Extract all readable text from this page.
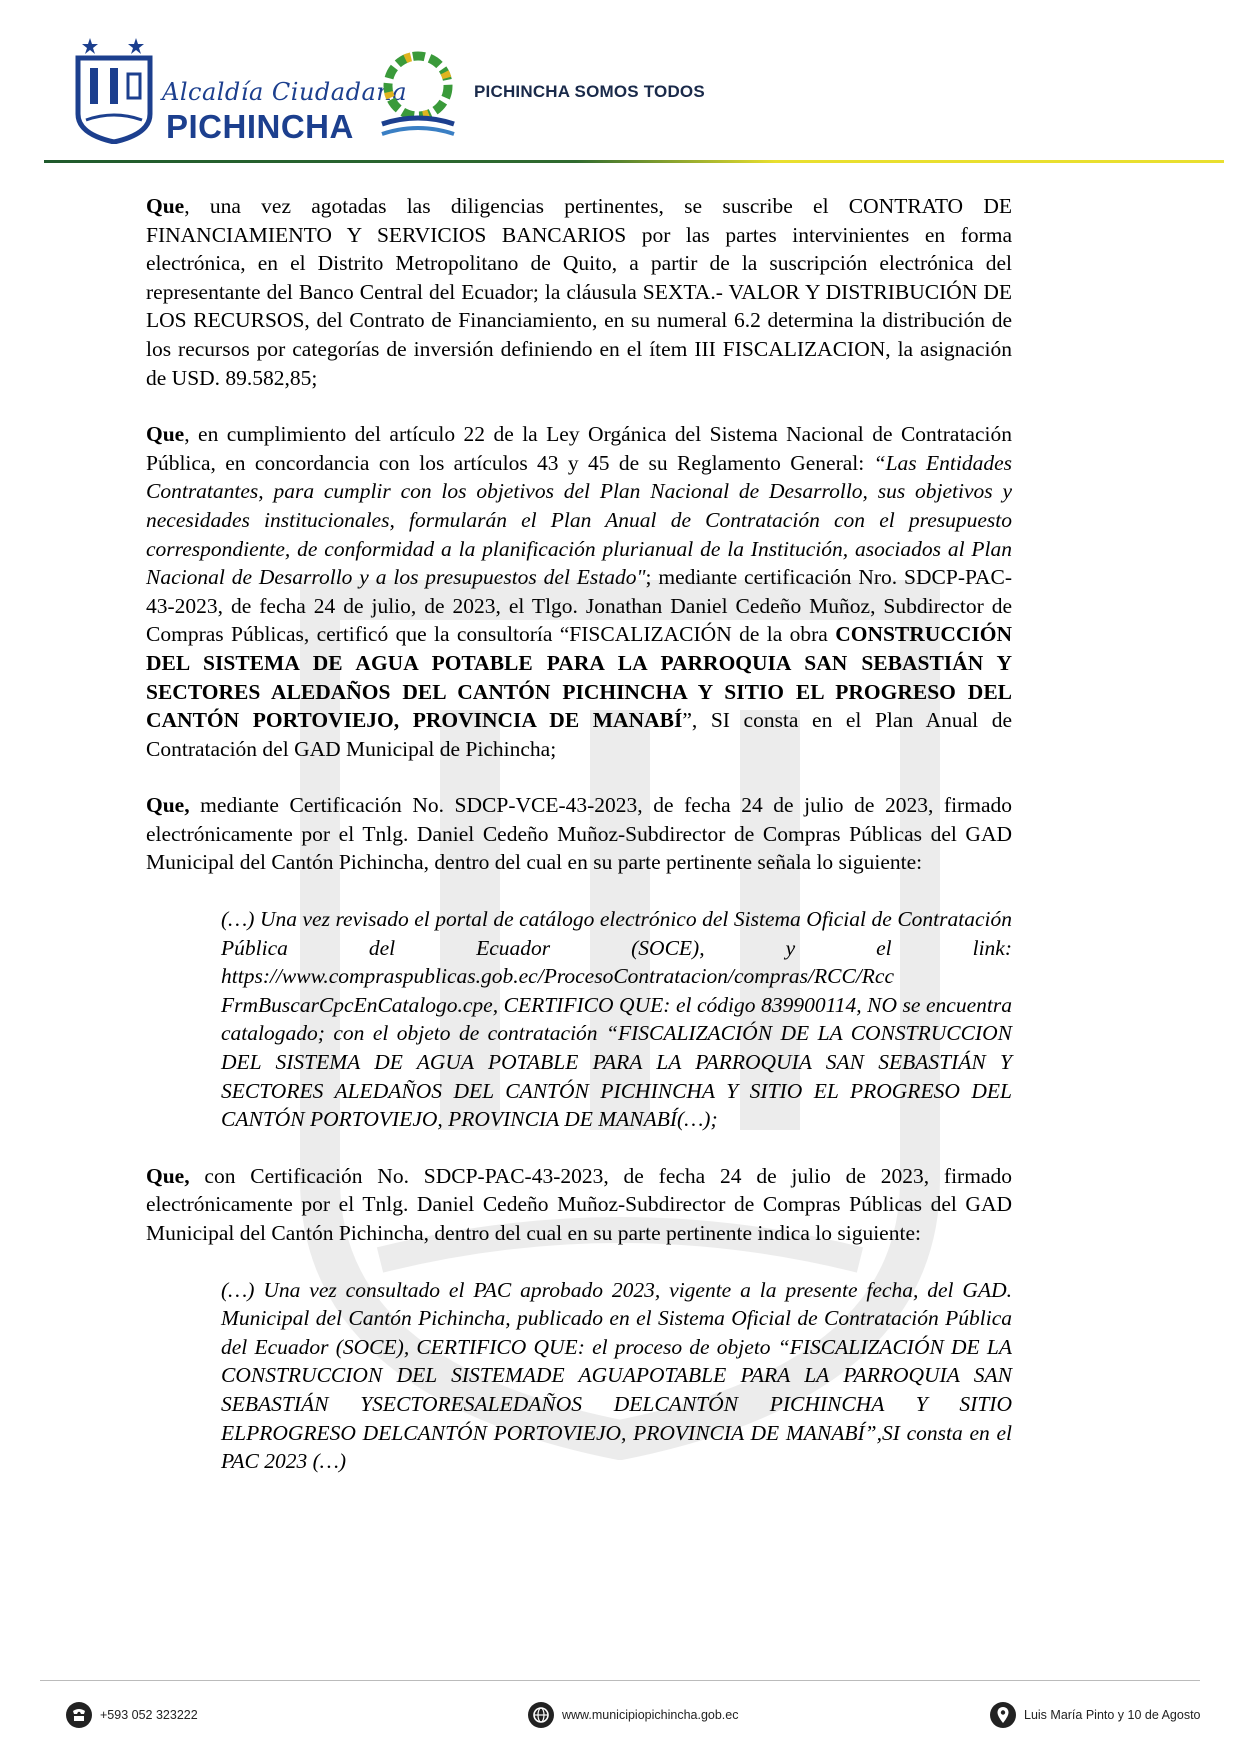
Alcaldía Ciudadana
PICHINCHA
PICHINCHA SOMOS TODOS

Que, una vez agotadas las diligencias pertinentes, se suscribe el CONTRATO DE FINANCIAMIENTO Y SERVICIOS BANCARIOS por las partes intervinientes en forma electrónica, en el Distrito Metropolitano de Quito, a partir de la suscripción electrónica del representante del Banco Central del Ecuador; la cláusula SEXTA.- VALOR Y DISTRIBUCIÓN DE LOS RECURSOS, del Contrato de Financiamiento, en su numeral 6.2 determina la distribución de los recursos por categorías de inversión definiendo en el ítem III FISCALIZACION, la asignación de USD. 89.582,85;

Que, en cumplimiento del artículo 22 de la Ley Orgánica del Sistema Nacional de Contratación Pública, en concordancia con los artículos 43 y 45 de su Reglamento General: “Las Entidades Contratantes, para cumplir con los objetivos del Plan Nacional de Desarrollo, sus objetivos y necesidades institucionales, formularán el Plan Anual de Contratación con el presupuesto correspondiente, de conformidad a la planificación plurianual de la Institución, asociados al Plan Nacional de Desarrollo y a los presupuestos del Estado"; mediante certificación Nro. SDCP-PAC-43-2023, de fecha 24 de julio, de 2023, el Tlgo. Jonathan Daniel Cedeño Muñoz, Subdirector de Compras Públicas, certificó que la consultoría “FISCALIZACIÓN de la obra CONSTRUCCIÓN DEL SISTEMA DE AGUA POTABLE PARA LA PARROQUIA SAN SEBASTIÁN Y SECTORES ALEDAÑOS DEL CANTÓN PICHINCHA Y SITIO EL PROGRESO DEL CANTÓN PORTOVIEJO, PROVINCIA DE MANABÍ”, SI consta en el Plan Anual de Contratación del GAD Municipal de Pichincha;

Que, mediante Certificación No. SDCP-VCE-43-2023, de fecha 24 de julio de 2023, firmado electrónicamente por el Tnlg. Daniel Cedeño Muñoz-Subdirector de Compras Públicas del GAD Municipal del Cantón Pichincha, dentro del cual en su parte pertinente señala lo siguiente:

(…) Una vez revisado el portal de catálogo electrónico del Sistema Oficial de Contratación Pública del Ecuador (SOCE), y el link: https://www.compraspublicas.gob.ec/ProcesoContratacion/compras/RCC/Rcc FrmBuscarCpcEnCatalogo.cpe, CERTIFICO QUE: el código 839900114, NO se encuentra catalogado; con el objeto de contratación “FISCALIZACIÓN DE LA CONSTRUCCION DEL SISTEMA DE AGUA POTABLE PARA LA PARROQUIA SAN SEBASTIÁN Y SECTORES ALEDAÑOS DEL CANTÓN PICHINCHA Y SITIO EL PROGRESO DEL CANTÓN PORTOVIEJO, PROVINCIA DE MANABÍ(…);

Que, con Certificación No. SDCP-PAC-43-2023, de fecha 24 de julio de 2023, firmado electrónicamente por el Tnlg. Daniel Cedeño Muñoz-Subdirector de Compras Públicas del GAD Municipal del Cantón Pichincha, dentro del cual en su parte pertinente indica lo siguiente:

(…) Una vez consultado el PAC aprobado 2023, vigente a la presente fecha, del GAD. Municipal del Cantón Pichincha, publicado en el Sistema Oficial de Contratación Pública del Ecuador (SOCE), CERTIFICO QUE: el proceso de objeto “FISCALIZACIÓN DE LA CONSTRUCCION DEL SISTEMADE AGUAPOTABLE PARA LA PARROQUIA SAN SEBASTIÁN YSECTORESALEDAÑOS DELCANTÓN PICHINCHA Y SITIO ELPROGRESO DELCANTÓN PORTOVIEJO, PROVINCIA DE MANABÍ”,SI consta en el PAC 2023 (…)

+593 052 323222	www.municipiopichincha.gob.ec	Luis María Pinto y 10 de Agosto
